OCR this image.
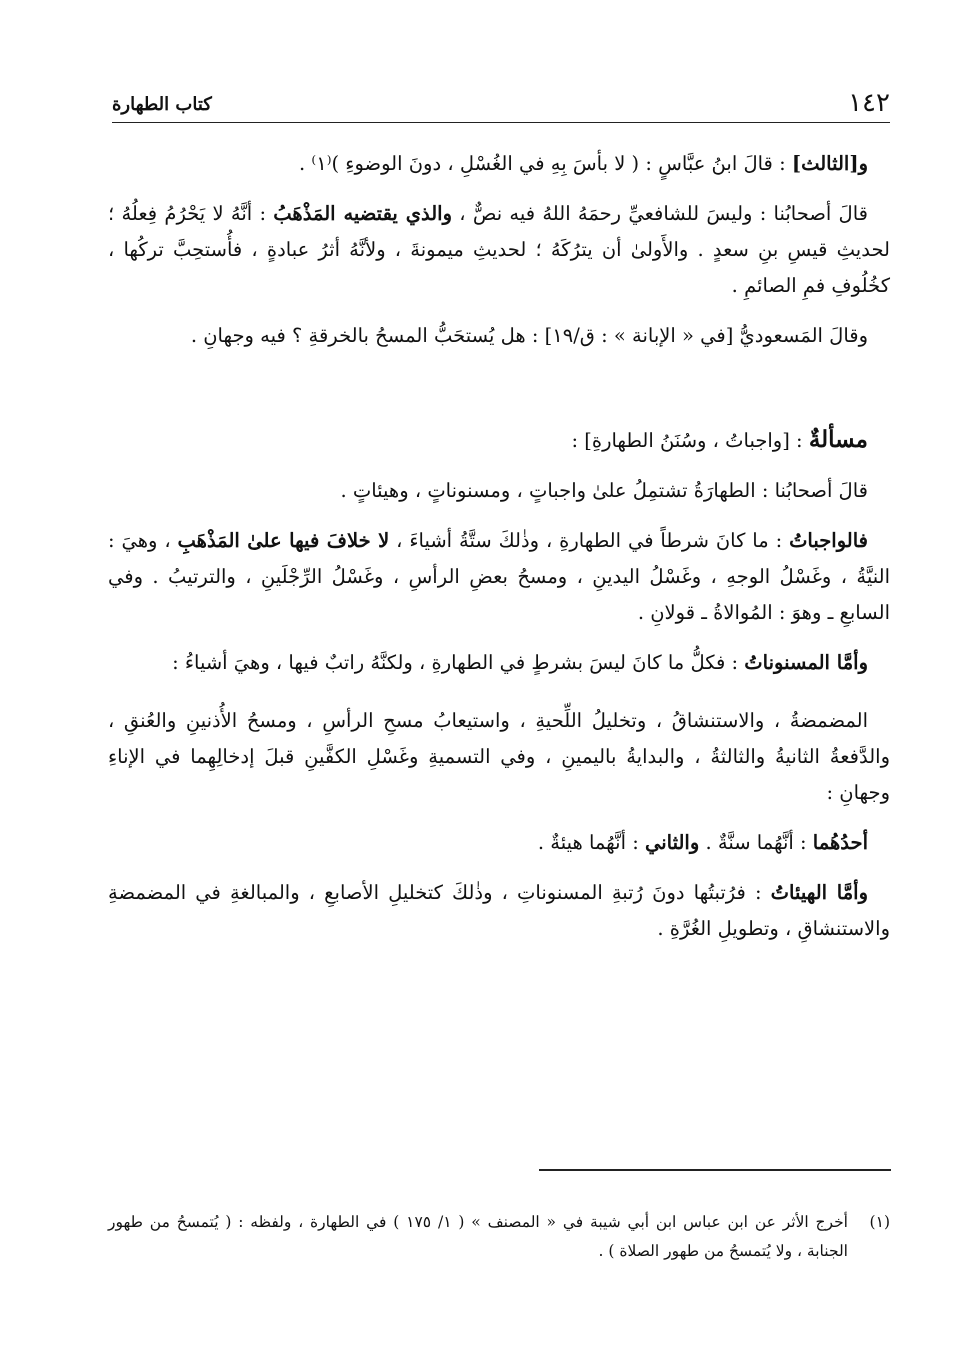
١٤٢
كتاب الطهارة

و[الثالث] : قالَ ابنُ عبَّاسٍ : ( لا بأسَ بِهِ في الغُسْلِ ، دونَ الوضوءِ )⁽١⁾ .

قالَ أصحابُنا : وليسَ للشافعيِّ رحمَهُ اللهُ فيه نصٌّ ، والذي يقتضيه المَذْهَبُ : أنَّهُ لا يَحْرُمُ فِعلُهُ ؛ لحديثِ قيسِ بنِ سعدٍ . والأَولىٰ أن يترُكَهُ ؛ لحديثِ ميمونةَ ، ولأنَّهُ أثرُ عبادةٍ ، فأُستحِبَّ تركُها ، كخُلُوفِ فمِ الصائمِ .

وقالَ المَسعوديُّ [في « الإبانة » : ق/١٩] : هل يُستحَبُّ المسحُ بالخرقةِ ؟ فيه وجهانِ .

مسألةٌ : [واجباتُ ، وسُنَنُ الطهارةِ] :

قالَ أصحابُنا : الطهارَةُ تشتمِلُ علىٰ واجباتٍ ، ومسنوناتٍ ، وهيئاتٍ .

فالواجباتُ : ما كانَ شرطاً في الطهارةِ ، وذٰلكَ ستَّةُ أشياءَ ، لا خلافَ فيها علىٰ المَذْهَبِ ، وهيَ : النيَّةُ ، وغَسْلُ الوجهِ ، وغَسْلُ اليدينِ ، ومسحُ بعضِ الرأسِ ، وغَسْلُ الرِّجْلَينِ ، والترتيبُ . وفي السابعِ ـ وهوَ : المُوالاةُ ـ قولانِ .

وأمَّا المسنوناتُ : فكلُّ ما كانَ ليسَ بشرطٍ في الطهارةِ ، ولكنَّهُ راتبٌ فيها ، وهيَ أشياءُ :

المضمضةُ ، والاستنشاقُ ، وتخليلُ اللِّحيةِ ، واستيعابُ مسحِ الرأسِ ، ومسحُ الأُذنينِ والعُنقِ ، والدَّفعةُ الثانيةُ والثالثةُ ، والبدايةُ باليمينِ ، وفي التسميةِ وغَسْلِ الكفَّينِ قبلَ إدخالِهِما في الإناءِ وجهانِ :

أحدُهُما : أنَّهُما سنَّةٌ . والثاني : أنَّهُما هيئةٌ .

وأمَّا الهيئاتُ : فرُتبتُها دونَ رُتبةِ المسنوناتِ ، وذٰلكَ كتخليلِ الأصابعِ ، والمبالغةِ في المضمضةِ والاستنشاقِ ، وتطويلِ الغُرَّةِ .

(١)
أخرج الأثر عن ابن عباس ابن أبي شيبة في « المصنف » ( ١/ ١٧٥ ) في الطهارة ، ولفظه : ( يُتمسحُ من طهور الجنابة ، ولا يُتمسحُ من طهور الصلاة ) .
